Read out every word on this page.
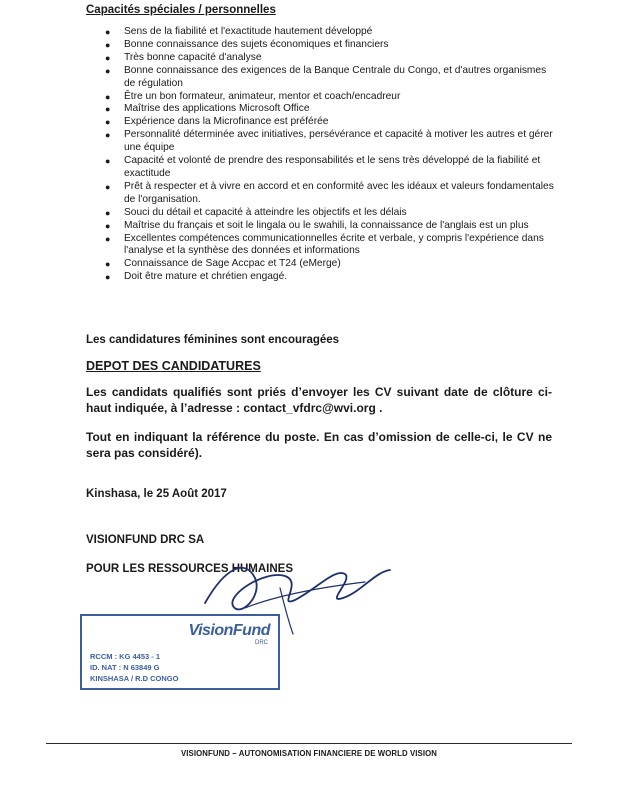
Capacités spéciales / personnelles
● Sens de la fiabilité et l'exactitude hautement développé
● Bonne connaissance des sujets économiques et financiers
● Très bonne capacité d'analyse
● Bonne connaissance des exigences de la Banque Centrale du Congo, et d'autres organismes de régulation
● Être un bon formateur, animateur, mentor et coach/encadreur
● Maîtrise des applications Microsoft Office
● Expérience dans la Microfinance est préférée
● Personnalité déterminée avec initiatives, persévérance et capacité à motiver les autres et gérer une équipe
● Capacité et volonté de prendre des responsabilités et le sens très développé de la fiabilité et exactitude
● Prêt à respecter et à vivre en accord et en conformité avec les idéaux et valeurs fondamentales de l'organisation.
● Souci du détail et capacité à atteindre les objectifs et les délais
● Maîtrise du français et soit le lingala ou le swahili, la connaissance de l'anglais est un plus
● Excellentes compétences communicationnelles écrite et verbale, y compris l'expérience dans l'analyse et la synthèse des données et informations
● Connaissance de Sage Accpac et T24 (eMerge)
● Doit être mature et chrétien engagé.

Les candidatures féminines sont encouragées

DEPOT DES CANDIDATURES

Les candidats qualifiés sont priés d’envoyer les CV suivant date de clôture ci-haut indiquée, à l’adresse : contact_vfdrc@wvi.org .

Tout en indiquant la référence du poste. En cas d’omission de celle-ci, le CV ne sera pas considéré).

Kinshasa, le 25 Août 2017

VISIONFUND DRC SA

POUR LES RESSOURCES HUMAINES

VisionFund
DRC
RCCM : KG 4453 - 1
ID. NAT : N 63849 G
KINSHASA / R.D CONGO
VISIONFUND – AUTONOMISATION FINANCIERE DE WORLD VISION
